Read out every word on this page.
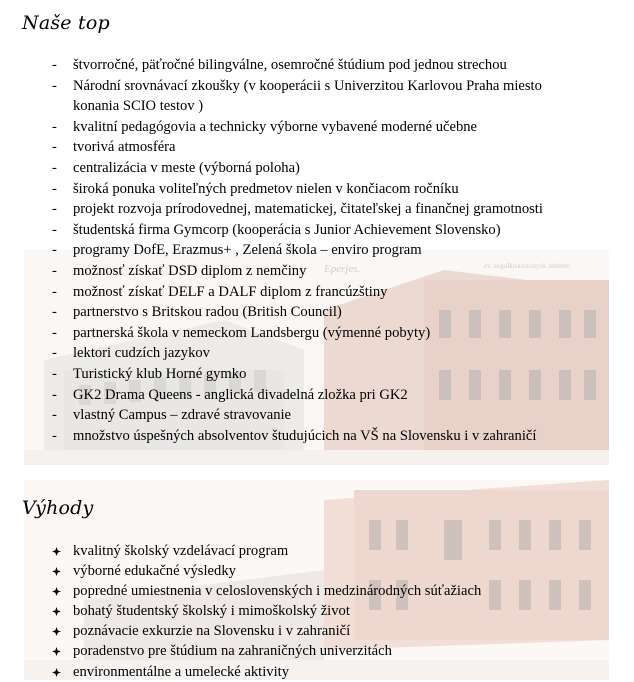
Eperjes.	ev. angolkisasszonyok intézete
Naše top
- štvorročné, päťročné bilingválne, osemročné štúdium pod jednou strechou
- Národní srovnávací zkoušky (v kooperácii s Univerzitou Karlovou Praha miesto
konania SCIO testov )
- kvalitní pedagógovia a technicky výborne vybavené moderné učebne
- tvorivá atmosféra
- centralizácia v meste (výborná poloha)
- široká ponuka voliteľných predmetov nielen v končiacom ročníku
- projekt rozvoja prírodovednej, matematickej, čitateľskej a finančnej gramotnosti
- študentská firma Gymcorp (kooperácia s Junior Achievement Slovensko)
- programy DofE, Erazmus+ , Zelená škola – enviro program
- možnosť získať DSD diplom z nemčiny
- možnosť získať DELF a DALF diplom z francúzštiny
- partnerstvo s Britskou radou (British Council)
- partnerská škola v nemeckom Landsbergu (výmenné pobyty)
- lektori cudzích jazykov
- Turistický klub Horné gymko
- GK2 Drama Queens - anglická divadelná zložka pri GK2
- vlastný Campus – zdravé stravovanie
- množstvo úspešných absolventov študujúcich na VŠ na Slovensku i v zahraničí
Výhody
kvalitný školský vzdelávací program
výborné edukačné výsledky
popredné umiestnenia v celoslovenských i medzinárodných súťažiach
bohatý študentský školský i mimoškolský život
poznávacie exkurzie na Slovensku i v zahraničí
poradenstvo pre štúdium na zahraničných univerzitách
environmentálne a umelecké aktivity
